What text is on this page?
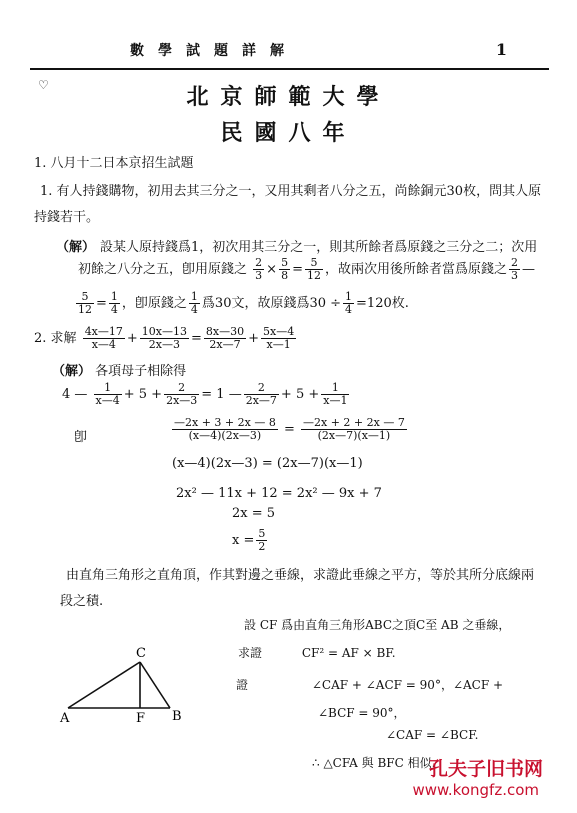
數學試題詳解	1
♡	北京師範大學
民國八年
1. 八月十二日本京招生試題
1. 有人持錢購物，初用去其三分之一，又用其剩者八分之五，尚餘銅元30枚，問其人原
持錢若干。
（解） 設某人原持錢爲1，初次用其三分之一，則其所餘者爲原錢之三分之二；次用
初餘之八分之五，卽用原錢之 $\frac{2}{3} \times \frac{5}{8} = \frac{5}{12}$ ，故兩次用後所餘者當爲原錢之 $\frac{2}{3}$ —
$\frac{5}{12} = \frac{1}{4}$ ，卽原錢之 $\frac{1}{4}$ 爲30文，故原錢爲$30 \div \frac{1}{4} =120$枚.
2. 求解 $\frac{4x—17}{x—4} + \frac{10x—13}{2x—3} = \frac{8x—30}{2x—7} + \frac{5x—4}{x—1}$
（解） 各項母子相除得
4 — $\frac{1}{x—4} + 5 + \frac{2}{2x—3} = 1$ — $\frac{2}{2x—7} + 5 + \frac{1}{x—1}$
卽	$\frac{—2x + 3 + 2x — 8}{(x—4)(2x—3)} = \frac{—2x + 2 + 2x — 7}{(2x—7)(x—1)}$
(x—4)(2x—3) = (2x—7)(x—1)
2x² — 11x + 12 = 2x² — 9x + 7
2x = 5
$x = \frac{5}{2}$
由直角三角形之直角頂，作其對邊之垂線，求證此垂線之平方，等於其所分底線兩
段之積.
設 CF 爲由直角三角形ABC之頂C至 AB 之垂線，
求證	CF² = AF × BF.
證	∠CAF + ∠ACF = 90°，∠ACF +
∠BCF = 90°，
∠CAF = ∠BCF.
∴ △CFA 與 BFC 相似.
C
A	F B
孔夫子旧书网
www.kongfz.com
